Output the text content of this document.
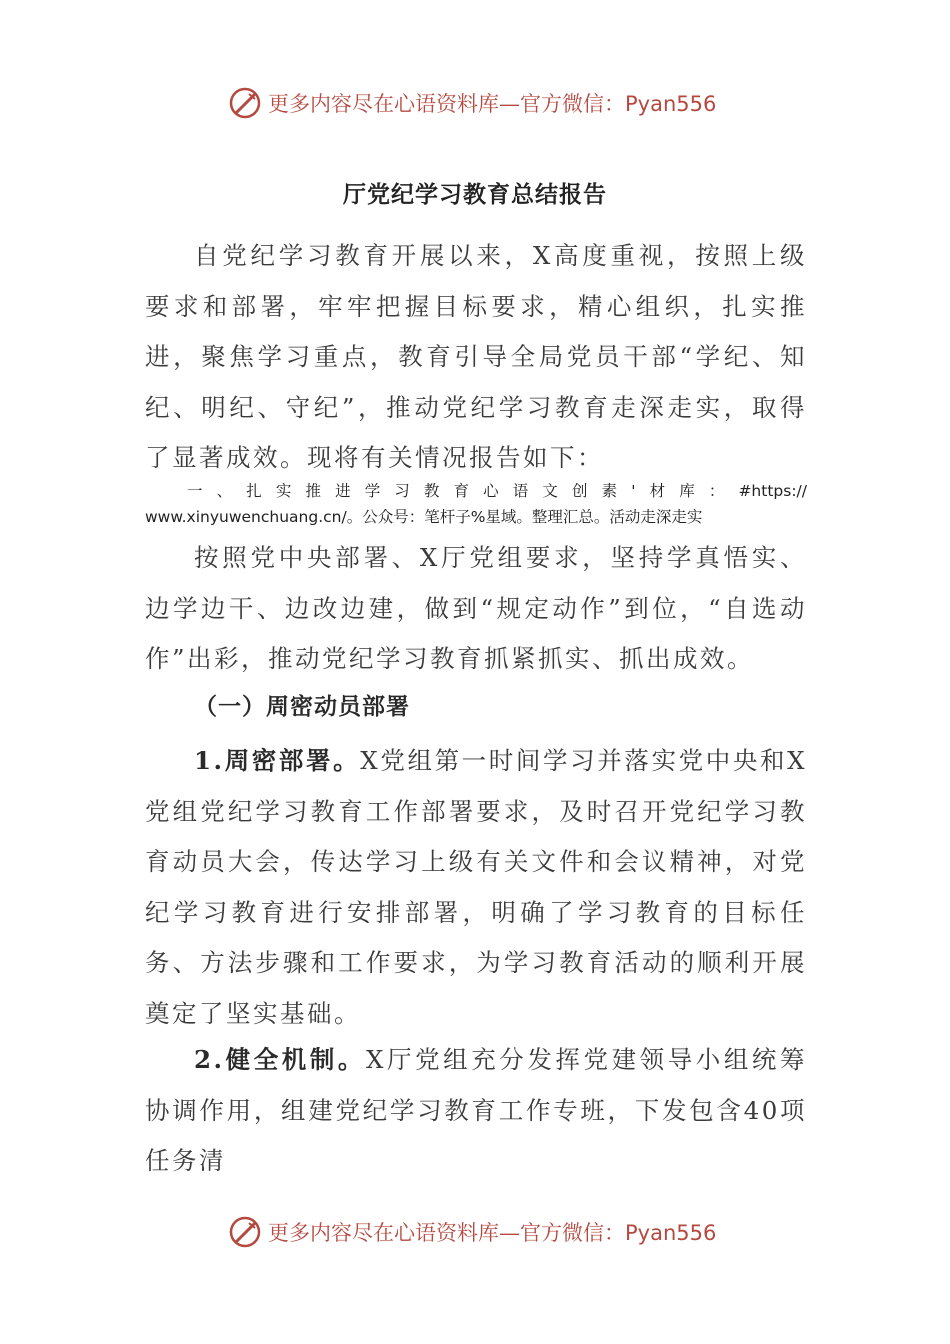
更多内容尽在心语资料库—官方微信：Pyan556
厅党纪学习教育总结报告
自党纪学习教育开展以来，X高度重视，按照上级要求和部署，牢牢把握目标要求，精心组织，扎实推进，聚焦学习重点，教育引导全局党员干部“学纪、知纪、明纪、守纪”，推动党纪学习教育走深走实，取得了显著成效。现将有关情况报告如下：
一、扎实推进学习教育心语文创素'材库：#https://
www.xinyuwenchuang.cn/。公众号：笔杆子%星域。整理汇总。活动走深走实
按照党中央部署、X厅党组要求，坚持学真悟实、边学边干、边改边建，做到“规定动作”到位，“自选动作”出彩，推动党纪学习教育抓紧抓实、抓出成效。
（一）周密动员部署
1.周密部署。X党组第一时间学习并落实党中央和X党组党纪学习教育工作部署要求，及时召开党纪学习教育动员大会，传达学习上级有关文件和会议精神，对党纪学习教育进行安排部署，明确了学习教育的目标任务、方法步骤和工作要求，为学习教育活动的顺利开展奠定了坚实基础。
2.健全机制。X厅党组充分发挥党建领导小组统筹协调作用，组建党纪学习教育工作专班，下发包含40项任务清
更多内容尽在心语资料库—官方微信：Pyan556
